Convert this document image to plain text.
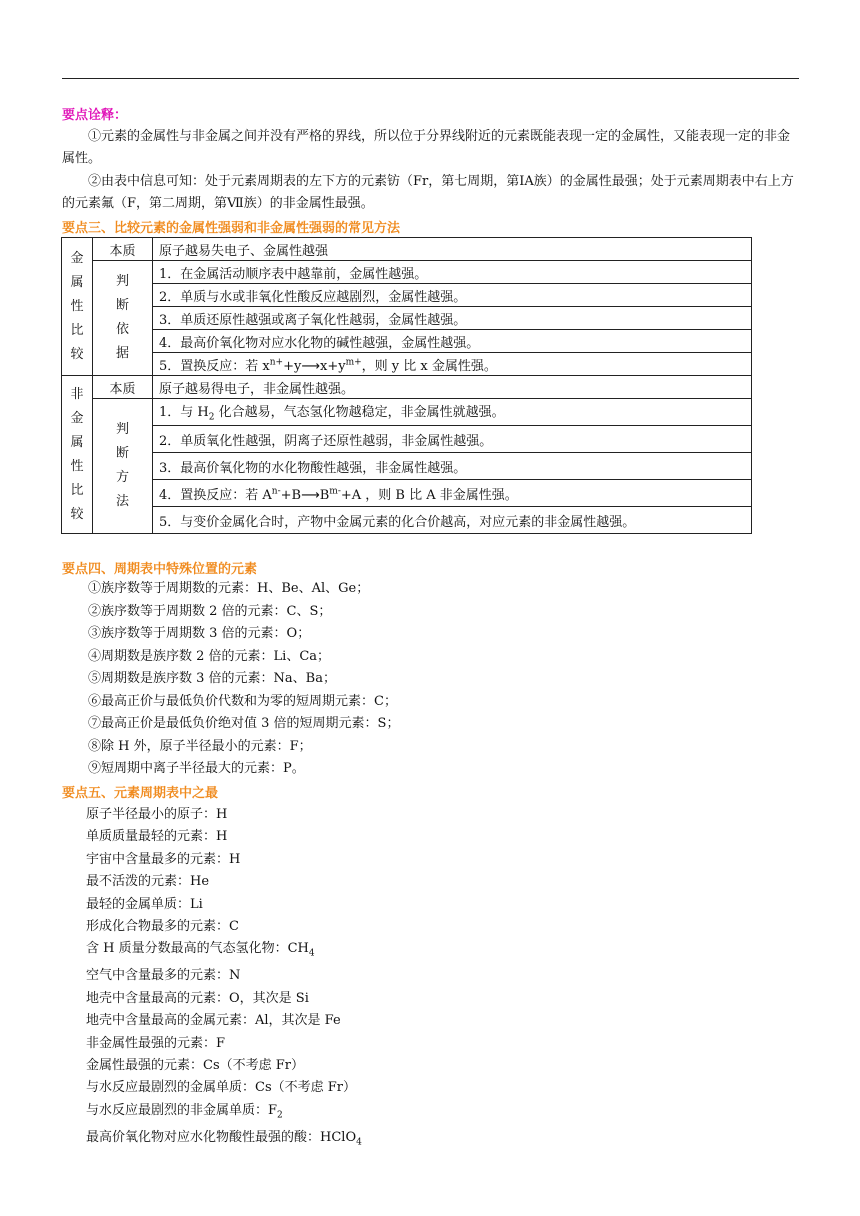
要点诠释：
①元素的金属性与非金属之间并没有严格的界线，所以位于分界线附近的元素既能表现一定的金属性，又能表现一定的非金属性。
②由表中信息可知：处于元素周期表的左下方的元素钫（Fr，第七周期，第ⅠA族）的金属性最强；处于元素周期表中右上方的元素氟（F，第二周期，第Ⅶ族）的非金属性最强。
要点三、比较元素的金属性强弱和非金属性强弱的常见方法
金属性比较	本质	原子越易失电子、金属性越强

	判断依据	1．在金属活动顺序表中越靠前，金属性越强。
		2．单质与水或非氧化性酸反应越剧烈，金属性越强。
		3．单质还原性越强或离子氧化性越弱，金属性越强。
		4．最高价氧化物对应水化物的碱性越强，金属性越强。
		5．置换反应：若 $x^{n+}+y⟶x+y^{m+}$，则 y 比 x 金属性强。

非金属性比较	本质	原子越易得电子，非金属性越强。

	判断方法	1．与 $H_2$ 化合越易，气态氢化物越稳定，非金属性就越强。
		2．单质氧化性越强，阴离子还原性越弱，非金属性越强。
		3．最高价氧化物的水化物酸性越强，非金属性越强。
		4．置换反应：若 $A^{n-}+B⟶B^{m-}+A$ ，则 B 比 A 非金属性强。
		5．与变价金属化合时，产物中金属元素的化合价越高，对应元素的非金属性越强。
要点四、周期表中特殊位置的元素
①族序数等于周期数的元素：H、Be、Al、Ge；
②族序数等于周期数 2 倍的元素：C、S；
③族序数等于周期数 3 倍的元素：O；
④周期数是族序数 2 倍的元素：Li、Ca；
⑤周期数是族序数 3 倍的元素：Na、Ba；
⑥最高正价与最低负价代数和为零的短周期元素：C；
⑦最高正价是最低负价绝对值 3 倍的短周期元素：S；
⑧除 H 外，原子半径最小的元素：F；
⑨短周期中离子半径最大的元素：P。
要点五、元素周期表中之最
原子半径最小的原子：H
单质质量最轻的元素：H
宇宙中含量最多的元素：H
最不活泼的元素：He
最轻的金属单质：Li
形成化合物最多的元素：C
含 H 质量分数最高的气态氢化物：$CH_4$
空气中含量最多的元素：N
地壳中含量最高的元素：O，其次是 Si
地壳中含量最高的金属元素：Al，其次是 Fe
非金属性最强的元素：F
金属性最强的元素：Cs（不考虑 Fr）
与水反应最剧烈的金属单质：Cs（不考虑 Fr）
与水反应最剧烈的非金属单质：$F_2$
最高价氧化物对应水化物酸性最强的酸：HClO$_4$
